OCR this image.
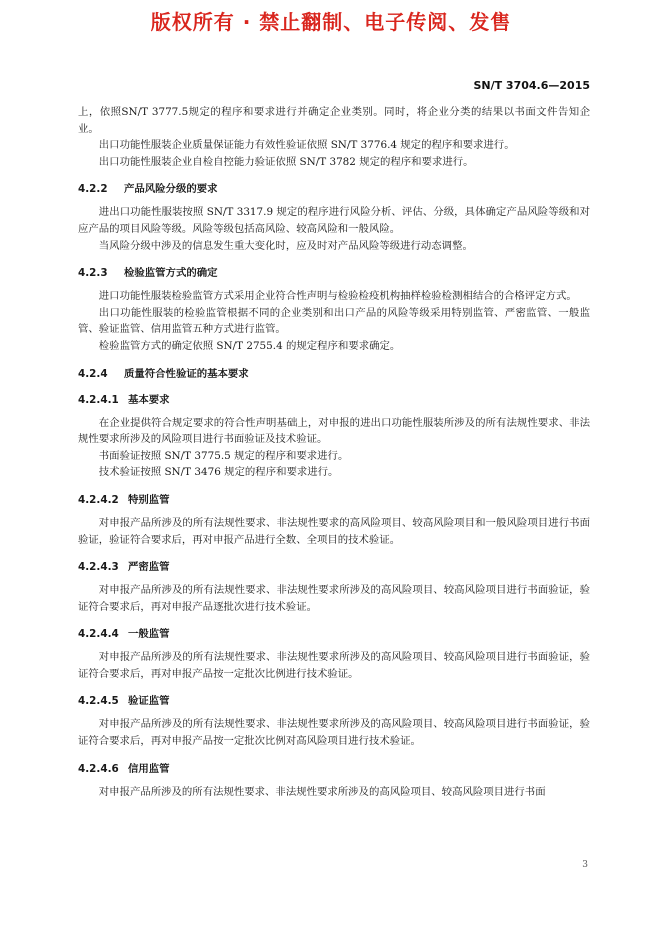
版权所有 · 禁止翻制、电子传阅、发售
SN/T 3704.6—2015

上，依照SN/T 3777.5规定的程序和要求进行并确定企业类别。同时，将企业分类的结果以书面文件告知企业。

出口功能性服装企业质量保证能力有效性验证依照 SN/T 3776.4 规定的程序和要求进行。

出口功能性服装企业自检自控能力验证依照 SN/T 3782 规定的程序和要求进行。

4.2.2 产品风险分级的要求

进出口功能性服装按照 SN/T 3317.9 规定的程序进行风险分析、评估、分级，具体确定产品风险等级和对应产品的项目风险等级。风险等级包括高风险、较高风险和一般风险。

当风险分级中涉及的信息发生重大变化时，应及时对产品风险等级进行动态调整。

4.2.3 检验监管方式的确定

进口功能性服装检验监管方式采用企业符合性声明与检验检疫机构抽样检验检测相结合的合格评定方式。

出口功能性服装的检验监管根据不同的企业类别和出口产品的风险等级采用特别监管、严密监管、一般监管、验证监管、信用监管五种方式进行监管。

检验监管方式的确定依照 SN/T 2755.4 的规定程序和要求确定。

4.2.4 质量符合性验证的基本要求
4.2.4.1 基本要求

在企业提供符合规定要求的符合性声明基础上，对申报的进出口功能性服装所涉及的所有法规性要求、非法规性要求所涉及的风险项目进行书面验证及技术验证。

书面验证按照 SN/T 3775.5 规定的程序和要求进行。

技术验证按照 SN/T 3476 规定的程序和要求进行。

4.2.4.2 特别监管

对申报产品所涉及的所有法规性要求、非法规性要求的高风险项目、较高风险项目和一般风险项目进行书面验证，验证符合要求后，再对申报产品进行全数、全项目的技术验证。

4.2.4.3 严密监管

对申报产品所涉及的所有法规性要求、非法规性要求所涉及的高风险项目、较高风险项目进行书面验证，验证符合要求后，再对申报产品逐批次进行技术验证。

4.2.4.4 一般监管

对申报产品所涉及的所有法规性要求、非法规性要求所涉及的高风险项目、较高风险项目进行书面验证，验证符合要求后，再对申报产品按一定批次比例进行技术验证。

4.2.4.5 验证监管

对申报产品所涉及的所有法规性要求、非法规性要求所涉及的高风险项目、较高风险项目进行书面验证，验证符合要求后，再对申报产品按一定批次比例对高风险项目进行技术验证。

4.2.4.6 信用监管

对申报产品所涉及的所有法规性要求、非法规性要求所涉及的高风险项目、较高风险项目进行书面

3
